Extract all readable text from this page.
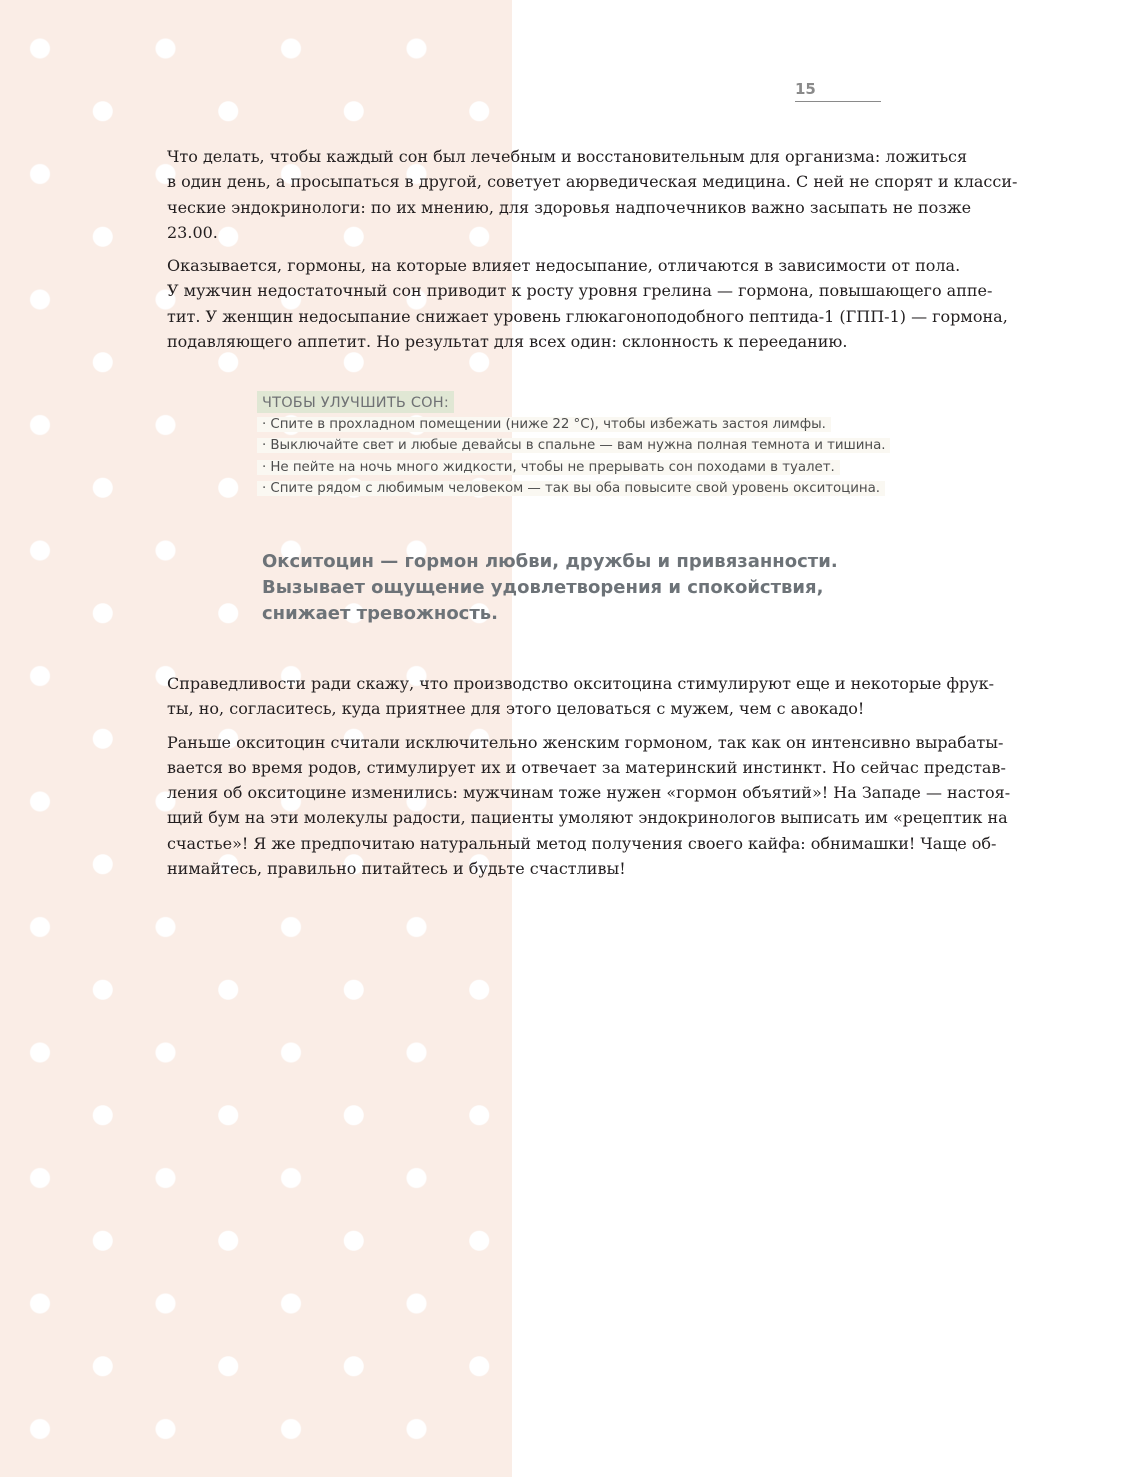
15

Что делать, чтобы каждый сон был лечебным и восстановительным для организма: ложиться
в один день, а просыпаться в другой, советует аюрведическая медицина. С ней не спорят и класси-
ческие эндокринологи: по их мнению, для здоровья надпочечников важно засыпать не позже
23.00.

Оказывается, гормоны, на которые влияет недосыпание, отличаются в зависимости от пола.
У мужчин недостаточный сон приводит к росту уровня грелина — гормона, повышающего аппе-
тит. У женщин недосыпание снижает уровень глюкагоноподобного пептида-1 (ГПП-1) — гормона,
подавляющего аппетит. Но результат для всех один: склонность к перееданию.

ЧТОБЫ УЛУЧШИТЬ СОН:
· Спите в прохладном помещении (ниже 22 °C), чтобы избежать застоя лимфы.
· Выключайте свет и любые девайсы в спальне — вам нужна полная темнота и тишина.
· Не пейте на ночь много жидкости, чтобы не прерывать сон походами в туалет.
· Спите рядом с любимым человеком — так вы оба повысите свой уровень окситоцина.
Окситоцин — гормон любви, дружбы и привязанности.
Вызывает ощущение удовлетворения и спокойствия,
снижает тревожность.

Справедливости ради скажу, что производство окситоцина стимулируют еще и некоторые фрук-
ты, но, согласитесь, куда приятнее для этого целоваться с мужем, чем с авокадо!

Раньше окситоцин считали исключительно женским гормоном, так как он интенсивно вырабаты-
вается во время родов, стимулирует их и отвечает за материнский инстинкт. Но сейчас представ-
ления об окситоцине изменились: мужчинам тоже нужен «гормон объятий»! На Западе — настоя-
щий бум на эти молекулы радости, пациенты умоляют эндокринологов выписать им «рецептик на
счастье»! Я же предпочитаю натуральный метод получения своего кайфа: обнимашки! Чаще об-
нимайтесь, правильно питайтесь и будьте счастливы!
